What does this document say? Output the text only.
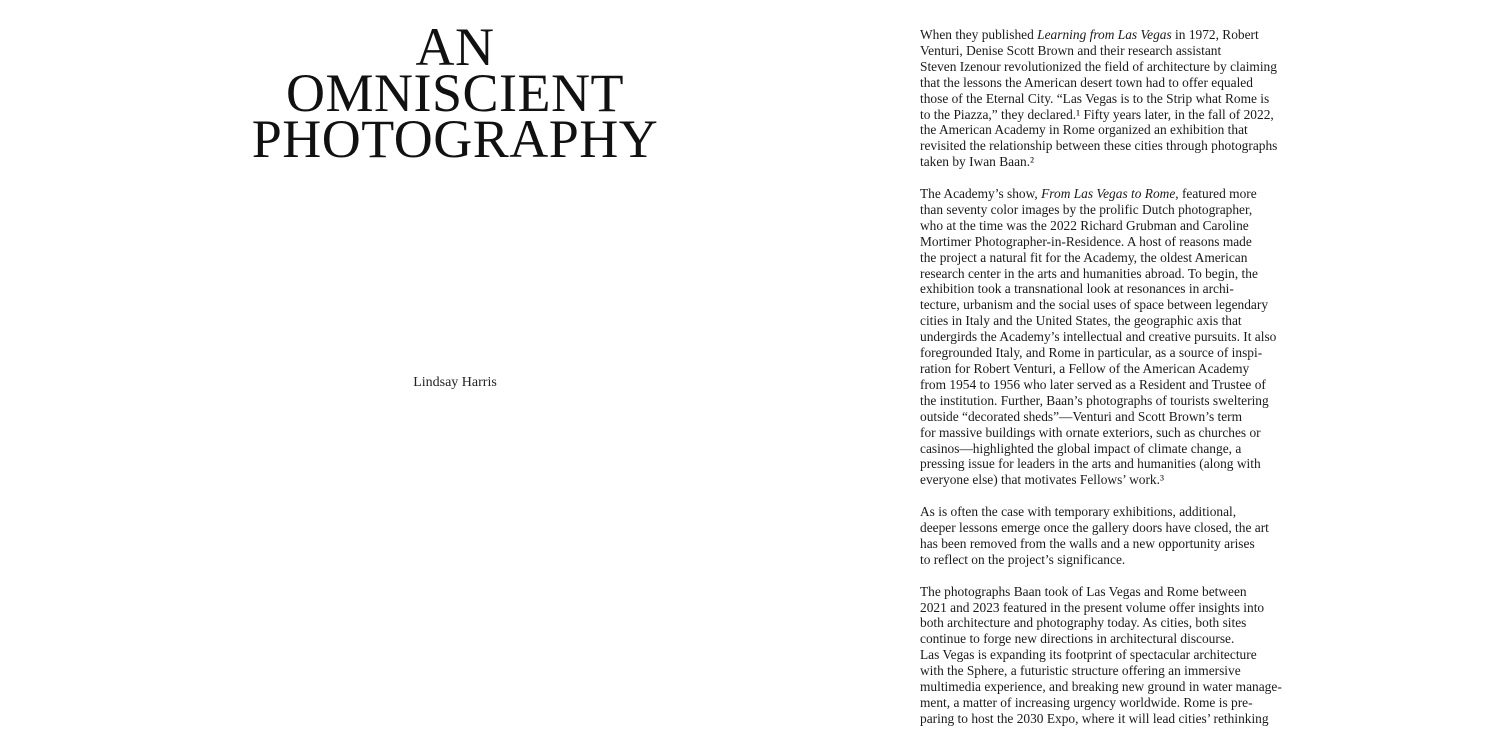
AN
OMNISCIENT
PHOTOGRAPHY
Lindsay Harris

When they published Learning from Las Vegas in 1972, Robert
Venturi, Denise Scott Brown and their research assistant
Steven Izenour revolutionized the field of architecture by claiming
that the lessons the American desert town had to offer equaled
those of the Eternal City. “Las Vegas is to the Strip what Rome is
to the Piazza,” they declared.¹ Fifty years later, in the fall of 2022,
the American Academy in Rome organized an exhibition that
revisited the relationship between these cities through photographs
taken by Iwan Baan.²

The Academy’s show, From Las Vegas to Rome, featured more
than seventy color images by the prolific Dutch photographer,
who at the time was the 2022 Richard Grubman and Caroline
Mortimer Photographer-in-Residence. A host of reasons made
the project a natural fit for the Academy, the oldest American
research center in the arts and humanities abroad. To begin, the
exhibition took a transnational look at resonances in archi-
tecture, urbanism and the social uses of space between legendary
cities in Italy and the United States, the geographic axis that
undergirds the Academy’s intellectual and creative pursuits. It also
foregrounded Italy, and Rome in particular, as a source of inspi-
ration for Robert Venturi, a Fellow of the American Academy
from 1954 to 1956 who later served as a Resident and Trustee of
the institution. Further, Baan’s photographs of tourists sweltering
outside “decorated sheds”—Venturi and Scott Brown’s term
for massive buildings with ornate exteriors, such as churches or
casinos—highlighted the global impact of climate change, a
pressing issue for leaders in the arts and humanities (along with
everyone else) that motivates Fellows’ work.³

As is often the case with temporary exhibitions, additional,
deeper lessons emerge once the gallery doors have closed, the art
has been removed from the walls and a new opportunity arises
to reflect on the project’s significance.

The photographs Baan took of Las Vegas and Rome between
2021 and 2023 featured in the present volume offer insights into
both architecture and photography today. As cities, both sites
continue to forge new directions in architectural discourse.
Las Vegas is expanding its footprint of spectacular architecture
with the Sphere, a futuristic structure offering an immersive
multimedia experience, and breaking new ground in water manage-
ment, a matter of increasing urgency worldwide. Rome is pre-
paring to host the 2030 Expo, where it will lead cities’ rethinking
